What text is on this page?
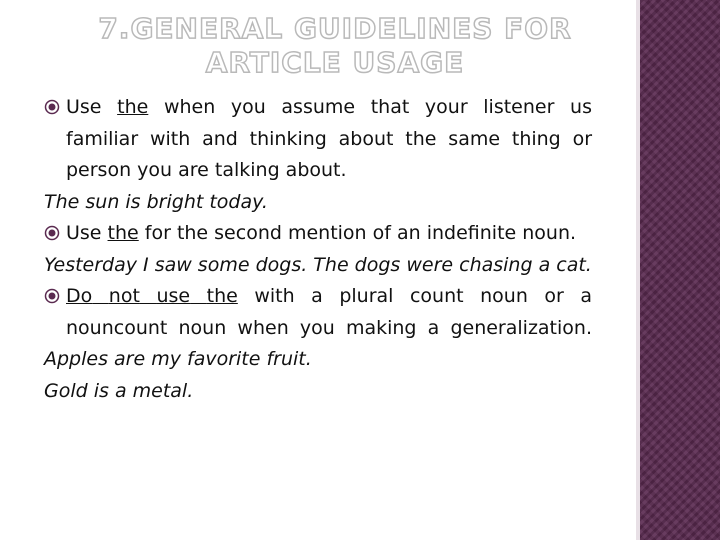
7.GENERAL GUIDELINES FOR ARTICLE USAGE
Use the when you assume that your listener us familiar with and thinking about the same thing or person you are talking about.
The sun is bright today.
Use the for the second mention of an indefinite noun.
Yesterday I saw some dogs. The dogs were chasing a cat.
Do not use the with a plural count noun or a nouncount noun when you making a generalization.
Apples are my favorite fruit.
Gold is a metal.
